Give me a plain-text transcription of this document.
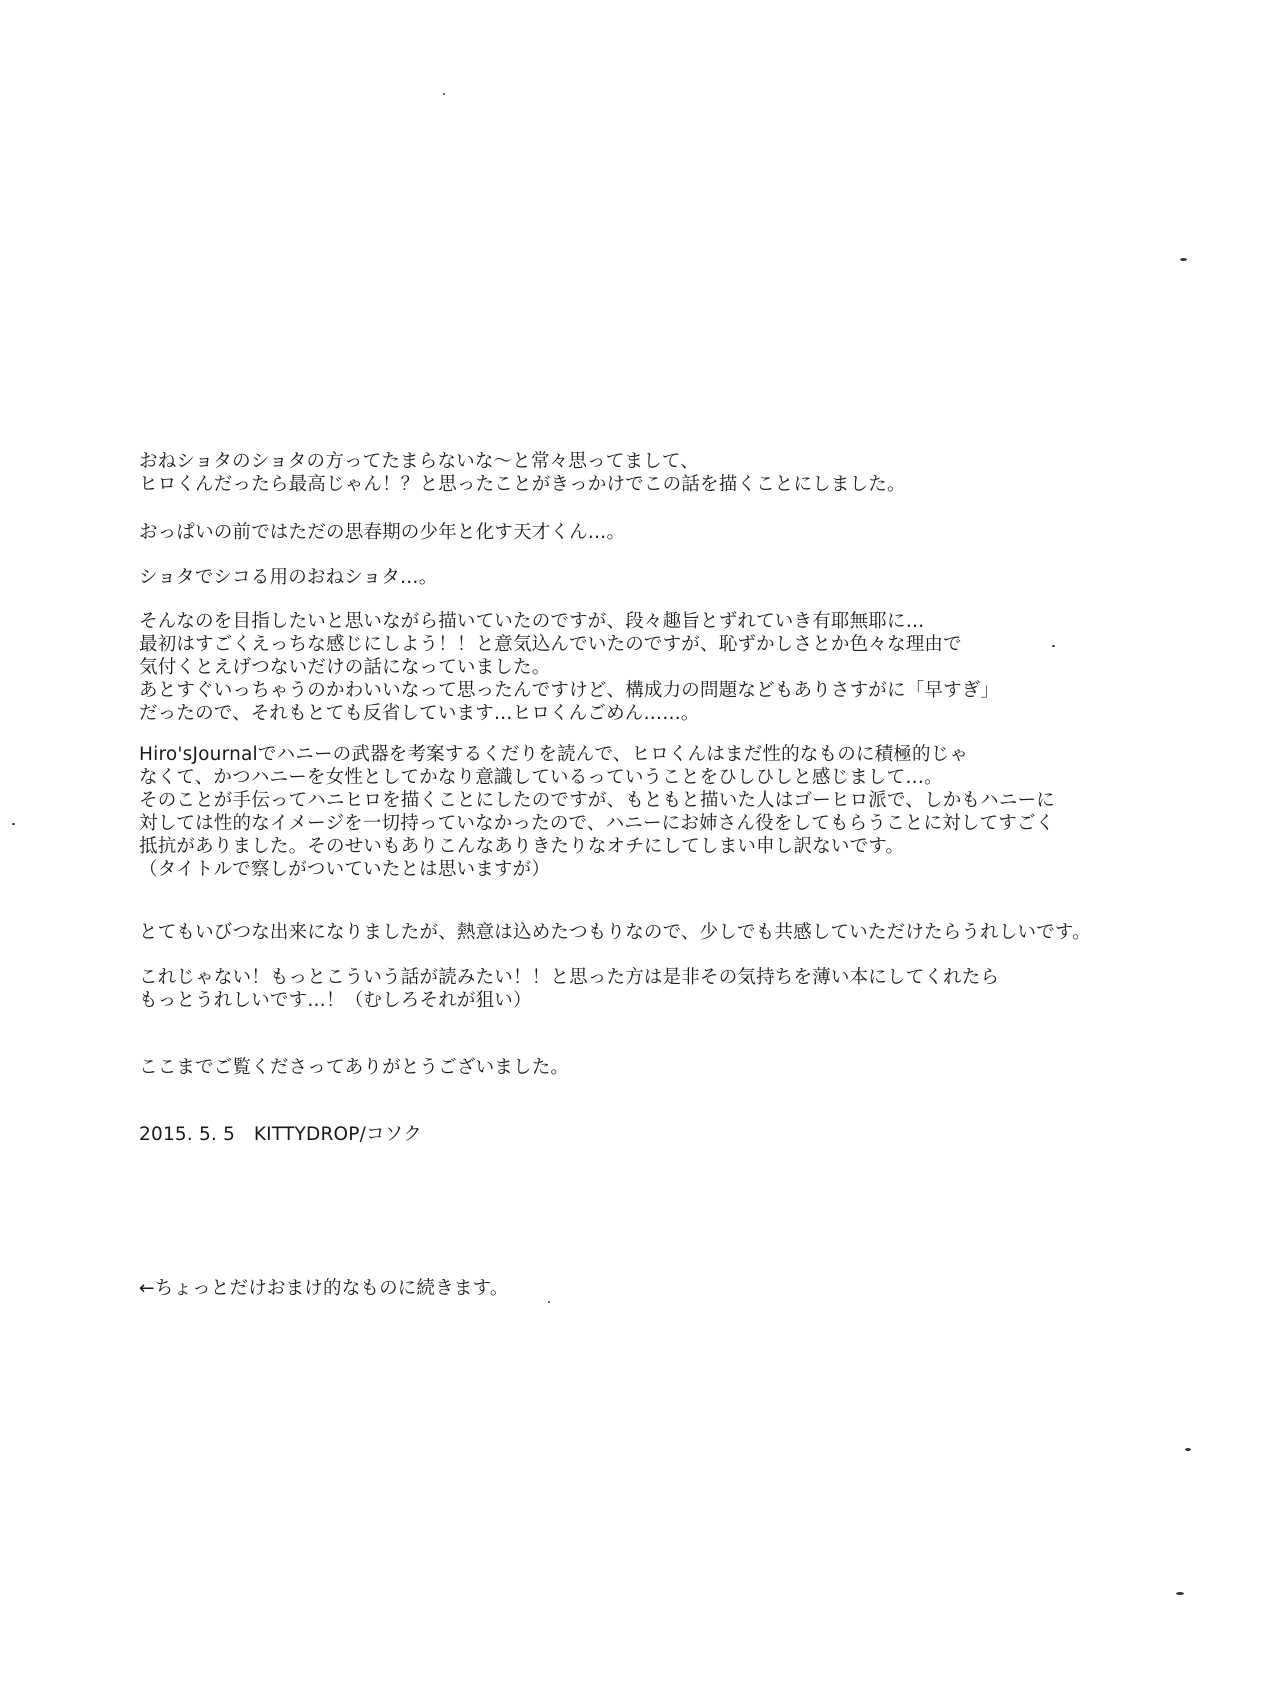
おねショタのショタの方ってたまらないな〜と常々思ってまして、
ヒロくんだったら最高じゃん！？と思ったことがきっかけでこの話を描くことにしました。
おっぱいの前ではただの思春期の少年と化す天才くん…。
ショタでシコる用のおねショタ…。
そんなのを目指したいと思いながら描いていたのですが、段々趣旨とずれていき有耶無耶に…
最初はすごくえっちな感じにしよう！！と意気込んでいたのですが、恥ずかしさとか色々な理由で
気付くとえげつないだけの話になっていました。
あとすぐいっちゃうのかわいいなって思ったんですけど、構成力の問題などもありさすがに「早すぎ」
だったので、それもとても反省しています…ヒロくんごめん……。
Hiro'sJournalでハニーの武器を考案するくだりを読んで、ヒロくんはまだ性的なものに積極的じゃ
なくて、かつハニーを女性としてかなり意識しているっていうことをひしひしと感じまして…。
そのことが手伝ってハニヒロを描くことにしたのですが、もともと描いた人はゴーヒロ派で、しかもハニーに
対しては性的なイメージを一切持っていなかったので、ハニーにお姉さん役をしてもらうことに対してすごく
抵抗がありました。そのせいもありこんなありきたりなオチにしてしまい申し訳ないです。
（タイトルで察しがついていたとは思いますが）
とてもいびつな出来になりましたが、熱意は込めたつもりなので、少しでも共感していただけたらうれしいです。
これじゃない！もっとこういう話が読みたい！！と思った方は是非その気持ちを薄い本にしてくれたら
もっとうれしいです…！（むしろそれが狙い）
ここまでご覧くださってありがとうございました。
2015. 5. 5　KITTYDROP/コソク
←ちょっとだけおまけ的なものに続きます。
